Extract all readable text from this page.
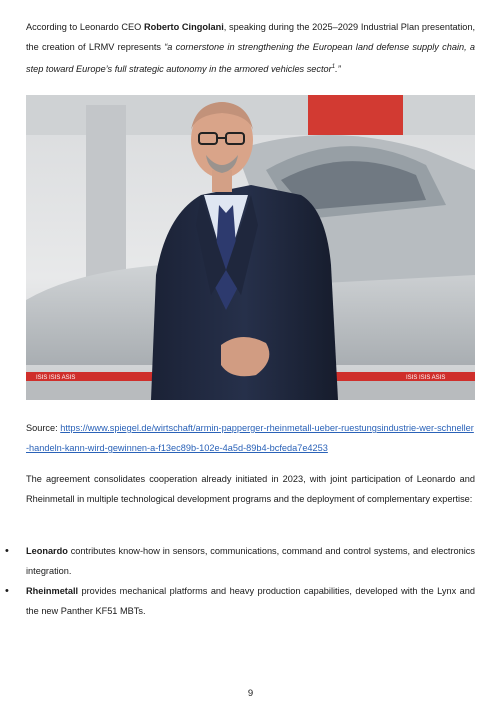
According to Leonardo CEO Roberto Cingolani, speaking during the 2025–2029 Industrial Plan presentation, the creation of LRMV represents “a cornerstone in strengthening the European land defense supply chain, a step toward Europe’s full strategic autonomy in the armored vehicles sector$^1$.”

ISIS ISIS ASIS	ISIS ISIS ASIS

Source: https://www.spiegel.de/wirtschaft/armin-papperger-rheinmetall-ueber-ruestungsindustrie-wer-schneller-handeln-kann-wird-gewinnen-a-f13ec89b-102e-4a5d-89b4-bcfeda7e4253

The agreement consolidates cooperation already initiated in 2023, with joint participation of Leonardo and Rheinmetall in multiple technological development programs and the deployment of complementary expertise:

• Leonardo contributes know-how in sensors, communications, command and control systems, and electronics integration.
• Rheinmetall provides mechanical platforms and heavy production capabilities, developed with the Lynx and the new Panther KF51 MBTs.
9
